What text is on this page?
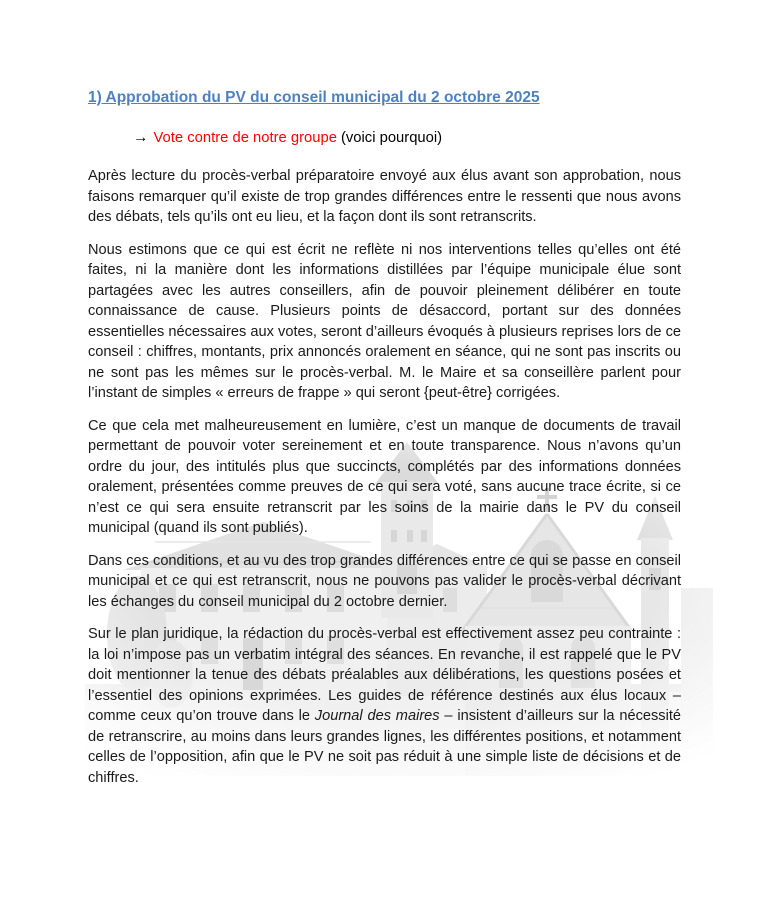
1) Approbation du PV du conseil municipal du 2 octobre 2025
→ Vote contre de notre groupe (voici pourquoi)

Après lecture du procès-verbal préparatoire envoyé aux élus avant son approbation, nous faisons remarquer qu’il existe de trop grandes différences entre le ressenti que nous avons des débats, tels qu’ils ont eu lieu, et la façon dont ils sont retranscrits.

Nous estimons que ce qui est écrit ne reflète ni nos interventions telles qu’elles ont été faites, ni la manière dont les informations distillées par l’équipe municipale élue sont partagées avec les autres conseillers, afin de pouvoir pleinement délibérer en toute connaissance de cause. Plusieurs points de désaccord, portant sur des données essentielles nécessaires aux votes, seront d’ailleurs évoqués à plusieurs reprises lors de ce conseil : chiffres, montants, prix annoncés oralement en séance, qui ne sont pas inscrits ou ne sont pas les mêmes sur le procès-verbal. M. le Maire et sa conseillère parlent pour l’instant de simples « erreurs de frappe » qui seront {peut-être} corrigées.

Ce que cela met malheureusement en lumière, c’est un manque de documents de travail permettant de pouvoir voter sereinement et en toute transparence. Nous n’avons qu’un ordre du jour, des intitulés plus que succincts, complétés par des informations données oralement, présentées comme preuves de ce qui sera voté, sans aucune trace écrite, si ce n’est ce qui sera ensuite retranscrit par les soins de la mairie dans le PV du conseil municipal (quand ils sont publiés).

Dans ces conditions, et au vu des trop grandes différences entre ce qui se passe en conseil municipal et ce qui est retranscrit, nous ne pouvons pas valider le procès-verbal décrivant les échanges du conseil municipal du 2 octobre dernier.

Sur le plan juridique, la rédaction du procès-verbal est effectivement assez peu contrainte : la loi n’impose pas un verbatim intégral des séances. En revanche, il est rappelé que le PV doit mentionner la tenue des débats préalables aux délibérations, les questions posées et l’essentiel des opinions exprimées. Les guides de référence destinés aux élus locaux – comme ceux qu’on trouve dans le Journal des maires – insistent d’ailleurs sur la nécessité de retranscrire, au moins dans leurs grandes lignes, les différentes positions, et notamment celles de l’opposition, afin que le PV ne soit pas réduit à une simple liste de décisions et de chiffres.
